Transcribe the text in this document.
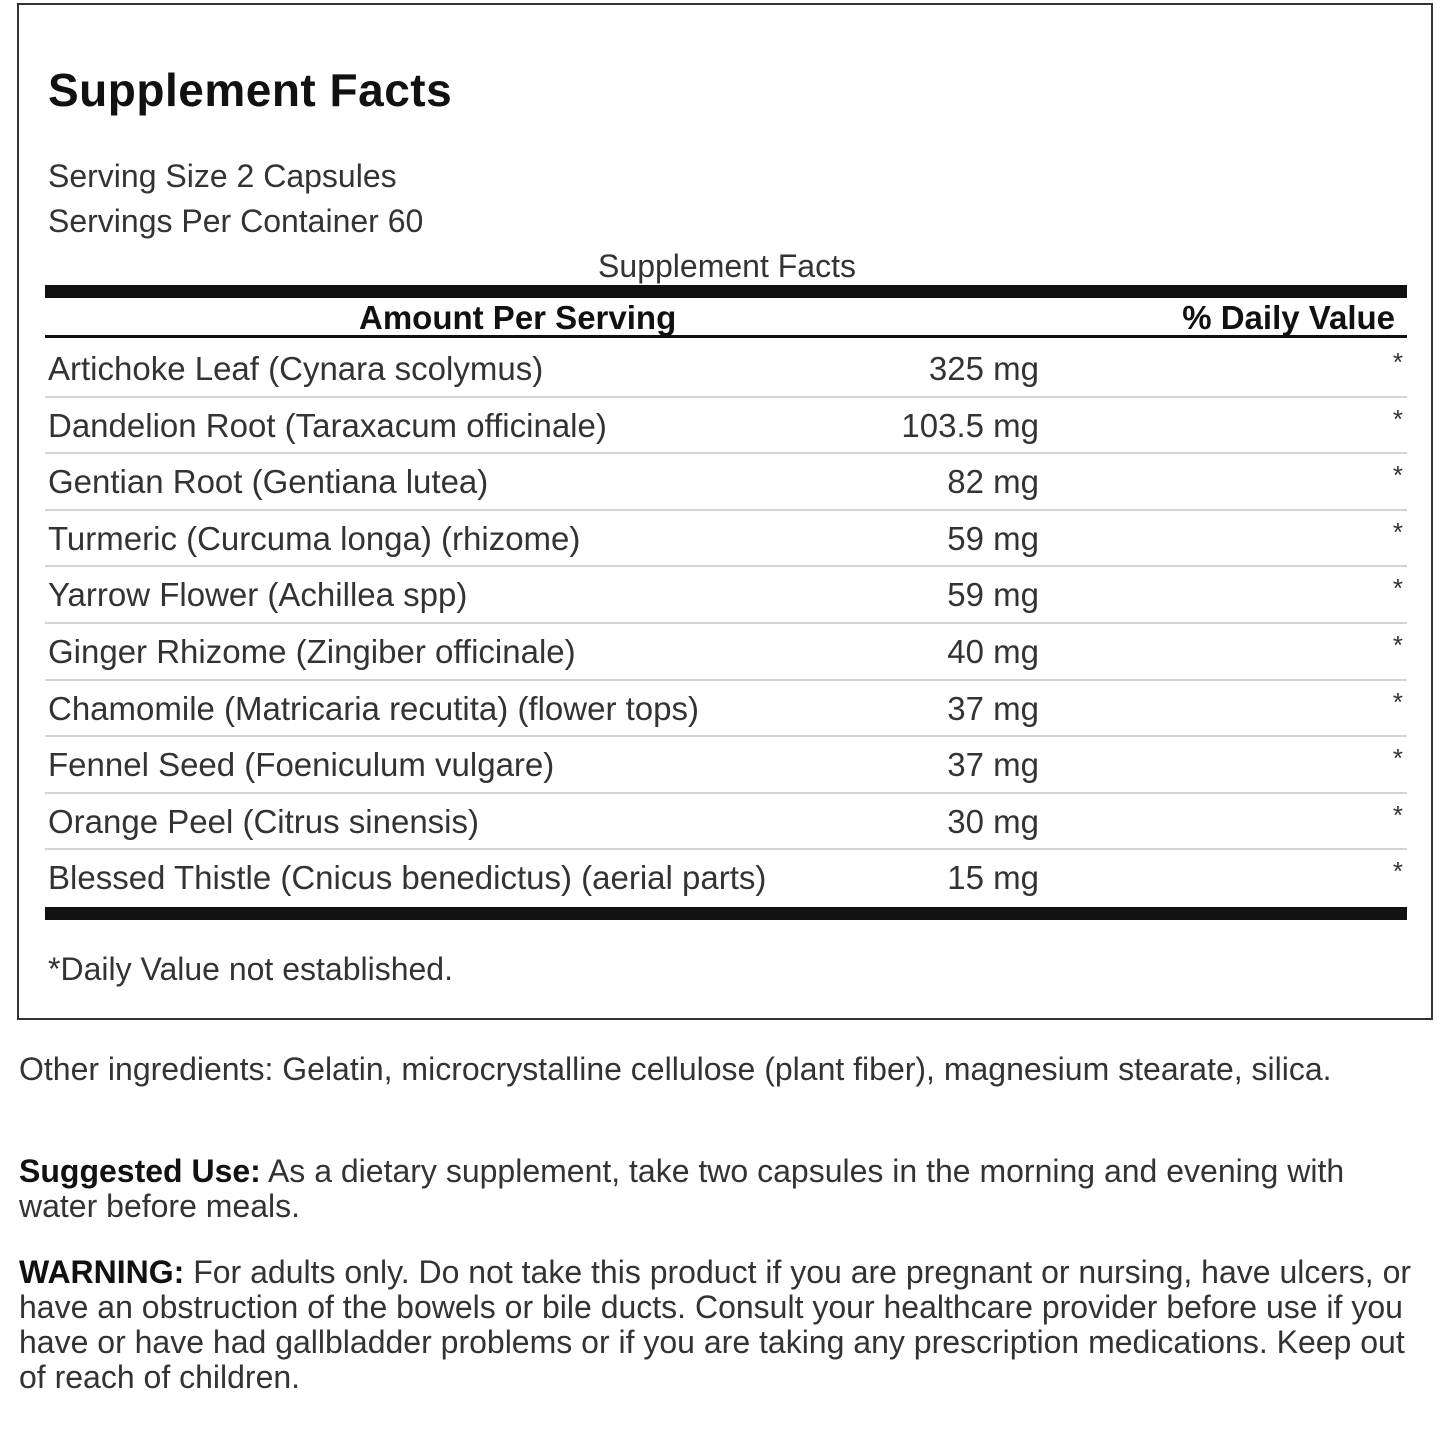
Supplement Facts
Serving Size 2 Capsules
Servings Per Container 60
Supplement Facts
Amount Per Serving	% Daily Value
Artichoke Leaf (Cynara scolymus)	325 mg	*
Dandelion Root (Taraxacum officinale)	103.5 mg	*
Gentian Root (Gentiana lutea)	82 mg	*
Turmeric (Curcuma longa) (rhizome)	59 mg	*
Yarrow Flower (Achillea spp)	59 mg	*
Ginger Rhizome (Zingiber officinale)	40 mg	*
Chamomile (Matricaria recutita) (flower tops)	37 mg	*
Fennel Seed (Foeniculum vulgare)	37 mg	*
Orange Peel (Citrus sinensis)	30 mg	*
Blessed Thistle (Cnicus benedictus) (aerial parts)	15 mg	*
*Daily Value not established.
Other ingredients: Gelatin, microcrystalline cellulose (plant fiber), magnesium stearate, silica.
Suggested Use: As a dietary supplement, take two capsules in the morning and evening with water before meals.
WARNING: For adults only. Do not take this product if you are pregnant or nursing, have ulcers, or have an obstruction of the bowels or bile ducts. Consult your healthcare provider before use if you have or have had gallbladder problems or if you are taking any prescription medications. Keep out of reach of children.
